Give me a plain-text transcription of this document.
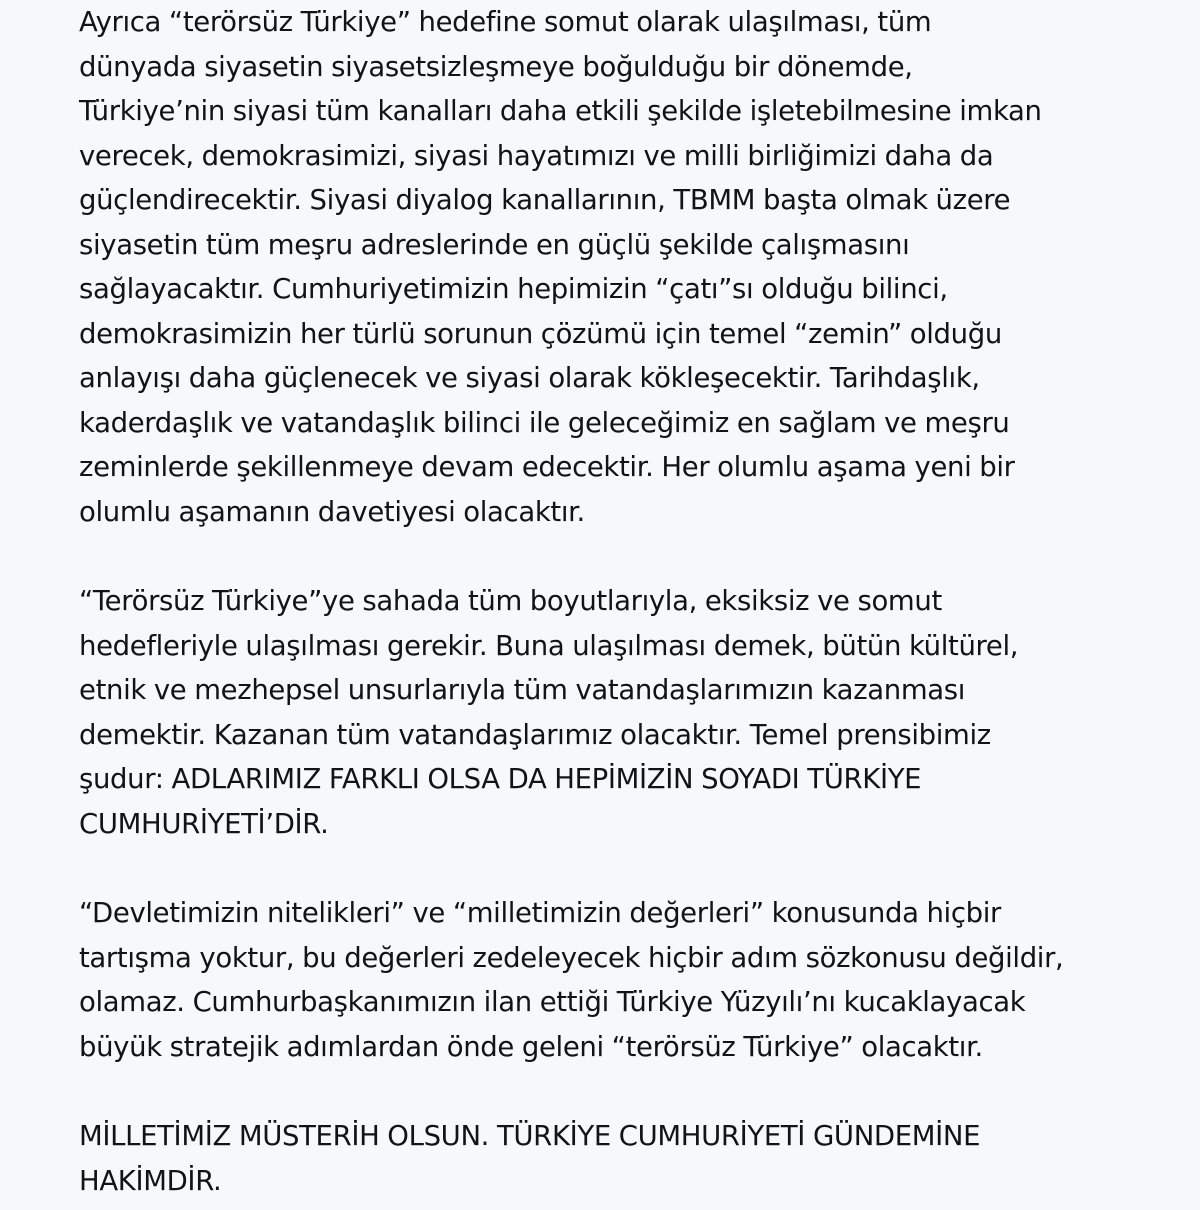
Ayrıca “terörsüz Türkiye” hedefine somut olarak ulaşılması, tüm
dünyada siyasetin siyasetsizleşmeye boğulduğu bir dönemde,
Türkiye’nin siyasi tüm kanalları daha etkili şekilde işletebilmesine imkan
verecek, demokrasimizi, siyasi hayatımızı ve milli birliğimizi daha da
güçlendirecektir. Siyasi diyalog kanallarının, TBMM başta olmak üzere
siyasetin tüm meşru adreslerinde en güçlü şekilde çalışmasını
sağlayacaktır. Cumhuriyetimizin hepimizin “çatı”sı olduğu bilinci,
demokrasimizin her türlü sorunun çözümü için temel “zemin” olduğu
anlayışı daha güçlenecek ve siyasi olarak kökleşecektir. Tarihdaşlık,
kaderdaşlık ve vatandaşlık bilinci ile geleceğimiz en sağlam ve meşru
zeminlerde şekillenmeye devam edecektir. Her olumlu aşama yeni bir
olumlu aşamanın davetiyesi olacaktır.

“Terörsüz Türkiye”ye sahada tüm boyutlarıyla, eksiksiz ve somut
hedefleriyle ulaşılması gerekir. Buna ulaşılması demek, bütün kültürel,
etnik ve mezhepsel unsurlarıyla tüm vatandaşlarımızın kazanması
demektir. Kazanan tüm vatandaşlarımız olacaktır. Temel prensibimiz
şudur: ADLARIMIZ FARKLI OLSA DA HEPİMİZİN SOYADI TÜRKİYE
CUMHURİYETİ’DİR.

“Devletimizin nitelikleri” ve “milletimizin değerleri” konusunda hiçbir
tartışma yoktur, bu değerleri zedeleyecek hiçbir adım sözkonusu değildir,
olamaz. Cumhurbaşkanımızın ilan ettiği Türkiye Yüzyılı’nı kucaklayacak
büyük stratejik adımlardan önde geleni “terörsüz Türkiye” olacaktır.

MİLLETİMİZ MÜSTERİH OLSUN. TÜRKİYE CUMHURİYETİ GÜNDEMİNE
HAKİMDİR.
